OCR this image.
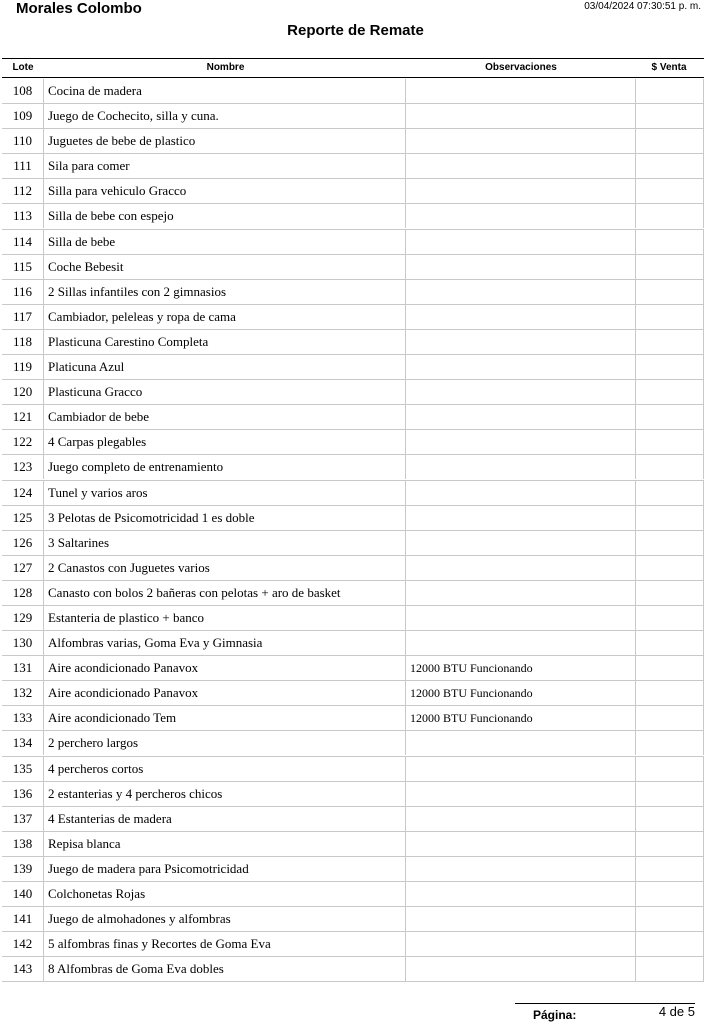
Morales Colombo	03/04/2024 07:30:51 p. m.
Reporte de Remate
Lote	Nombre	Observaciones	$ Venta
108	Cocina de madera
109	Juego de Cochecito, silla y cuna.
110	Juguetes de bebe de plastico
111	Sila para comer
112	Silla para vehiculo Gracco
113	Silla de bebe con espejo
114	Silla de bebe
115	Coche Bebesit
116	2 Sillas infantiles con 2 gimnasios
117	Cambiador, peleleas y ropa de cama
118	Plasticuna Carestino Completa
119	Platicuna Azul
120	Plasticuna Gracco
121	Cambiador de bebe
122	4 Carpas plegables
123	Juego completo de entrenamiento
124	Tunel y varios aros
125	3 Pelotas de Psicomotricidad 1 es doble
126	3 Saltarines
127	2 Canastos con Juguetes varios
128	Canasto con bolos 2 bañeras con pelotas + aro de basket
129	Estanteria de plastico + banco
130	Alfombras varias, Goma Eva y Gimnasia
131	Aire acondicionado Panavox	12000 BTU Funcionando
132	Aire acondicionado Panavox	12000 BTU Funcionando
133	Aire acondicionado Tem	12000 BTU Funcionando
134	2 perchero largos
135	4 percheros cortos
136	2 estanterias y 4 percheros chicos
137	4 Estanterias de madera
138	Repisa blanca
139	Juego de madera para Psicomotricidad
140	Colchonetas Rojas
141	Juego de almohadones y alfombras
142	5 alfombras finas y Recortes de Goma Eva
143	8 Alfombras de Goma Eva dobles
Página:	4 de 5
